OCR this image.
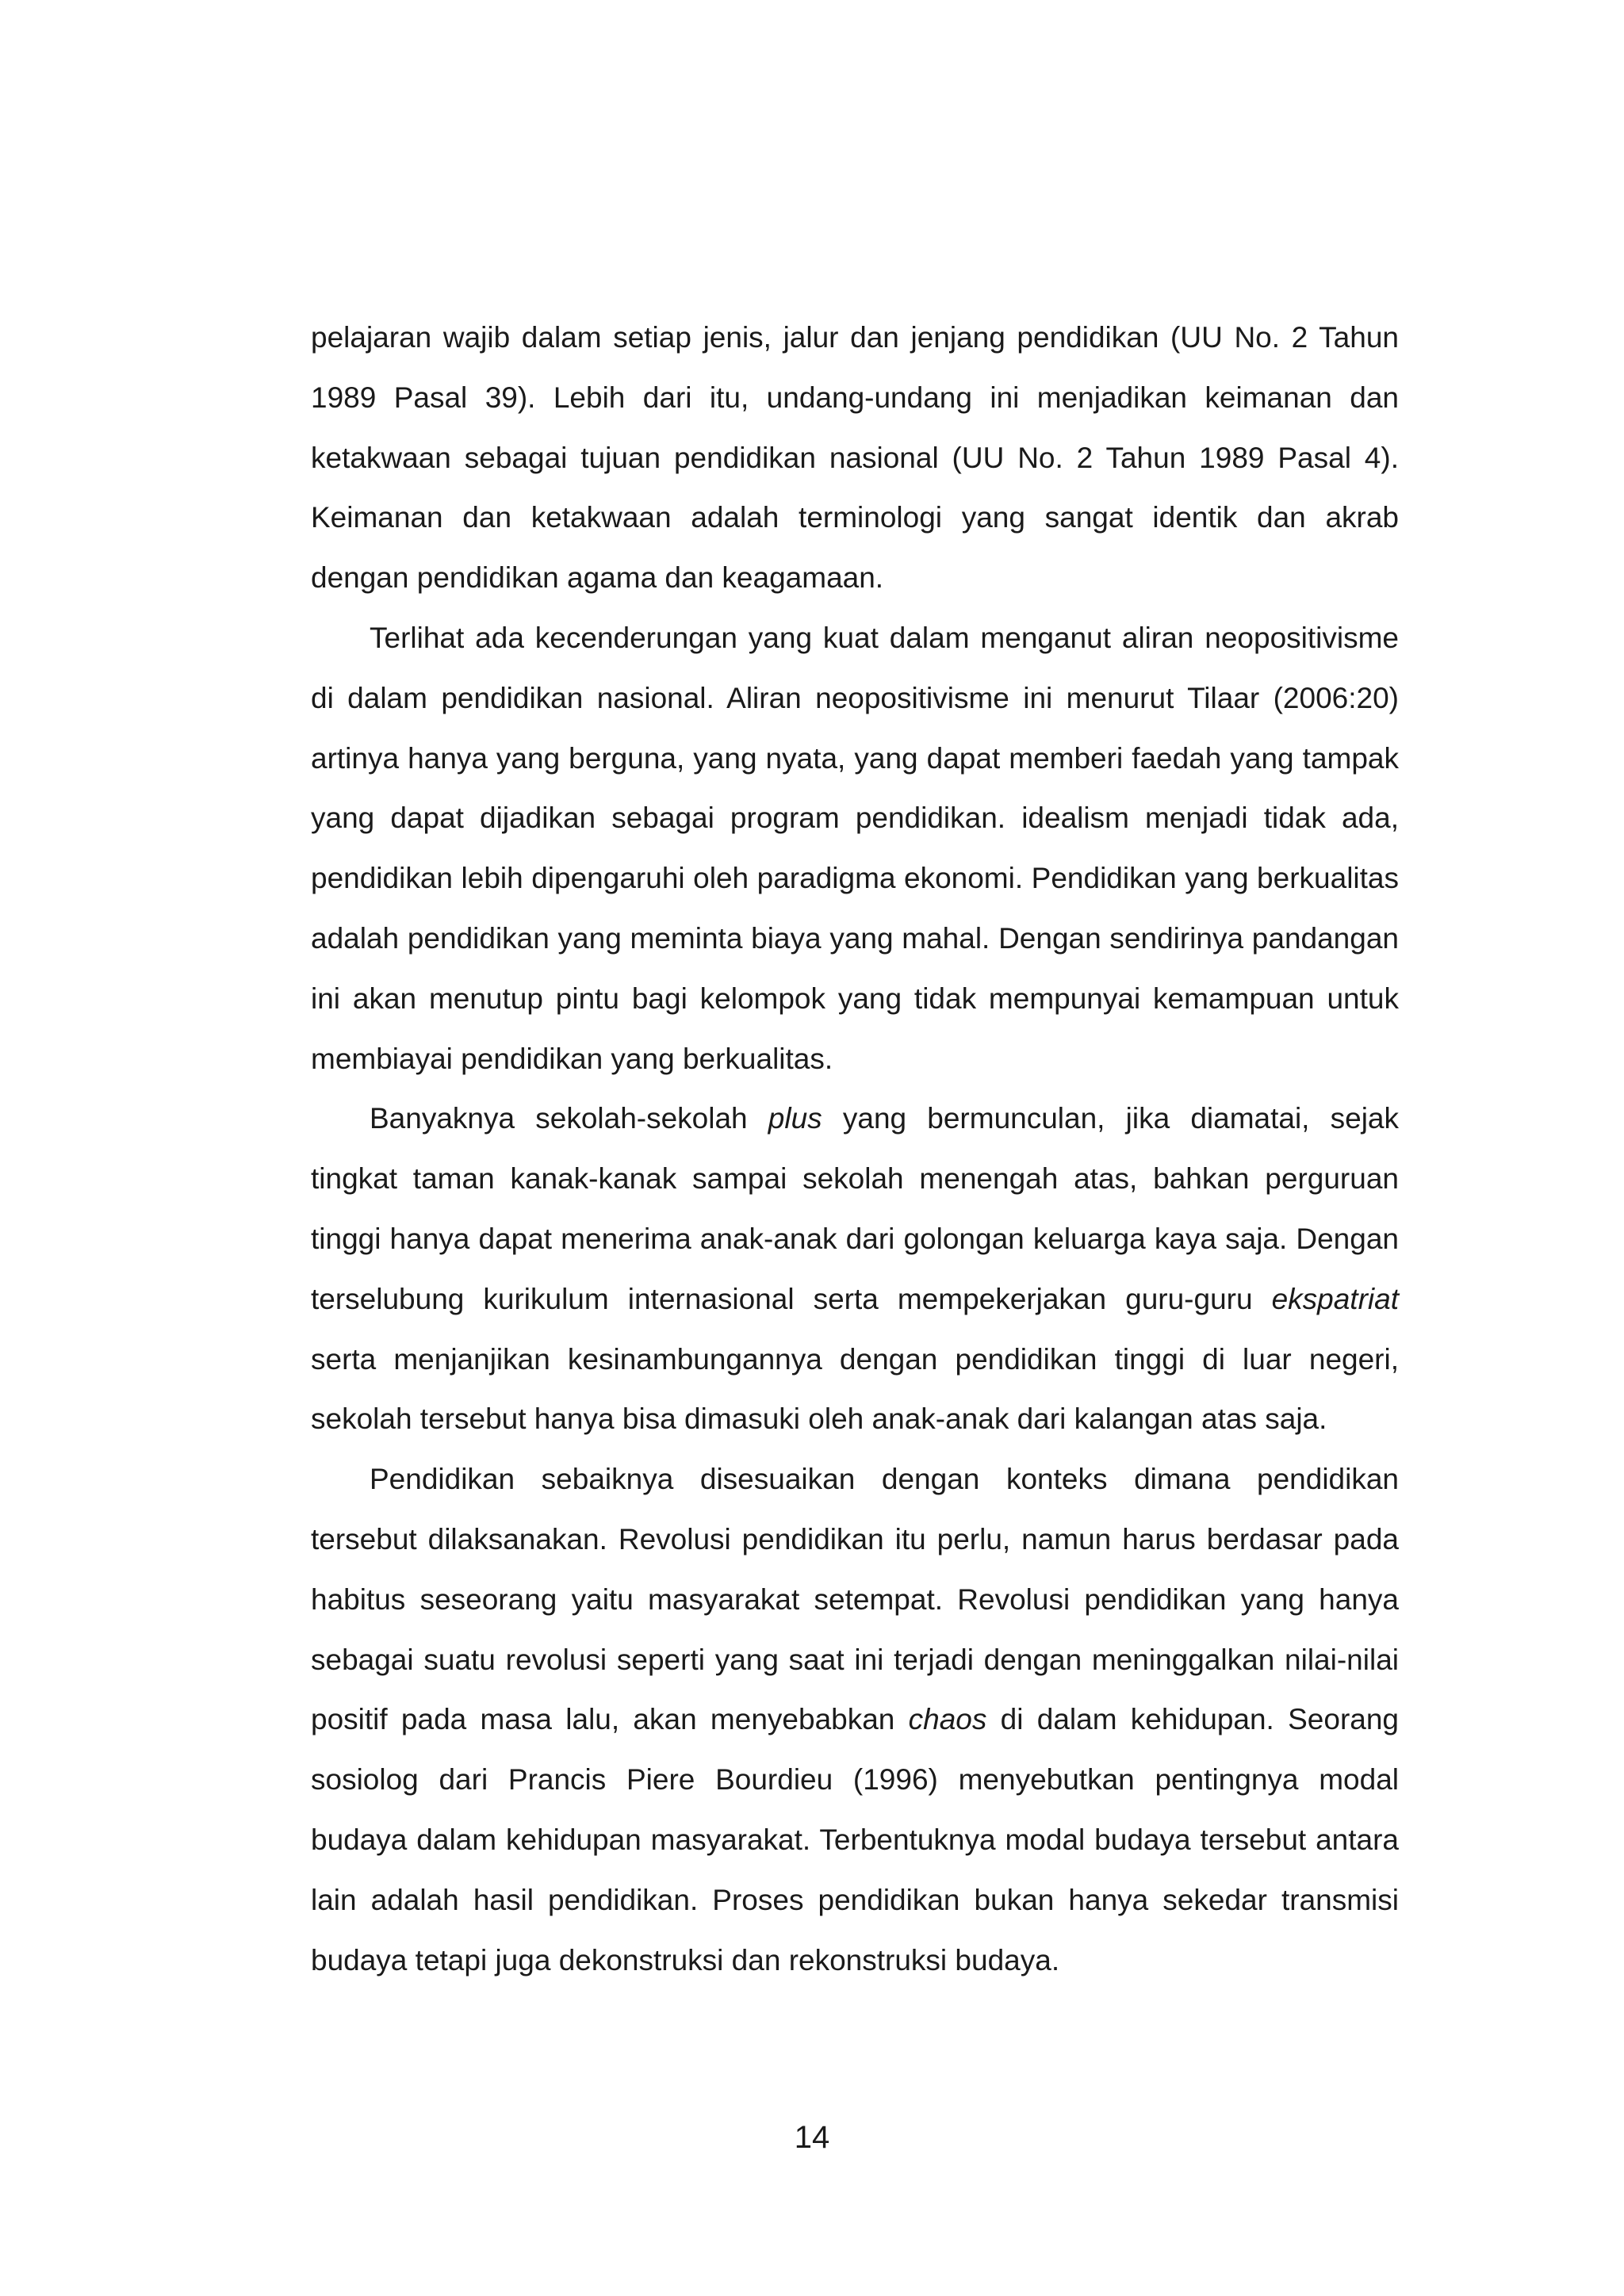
pelajaran wajib dalam setiap jenis, jalur dan jenjang pendidikan (UU No. 2 Tahun 1989 Pasal 39). Lebih dari itu, undang-undang ini menjadikan keimanan dan ketakwaan sebagai tujuan pendidikan nasional (UU No. 2 Tahun 1989 Pasal 4). Keimanan dan ketakwaan adalah terminologi yang sangat identik dan akrab dengan pendidikan agama dan keagamaan.

Terlihat ada kecenderungan yang kuat dalam menganut aliran neopositivisme di dalam pendidikan nasional. Aliran neopositivisme ini menurut Tilaar (2006:20) artinya hanya yang berguna, yang nyata, yang dapat memberi faedah yang tampak yang dapat dijadikan sebagai program pendidikan. idealism menjadi tidak ada, pendidikan lebih dipengaruhi oleh paradigma ekonomi. Pendidikan yang berkualitas adalah pendidikan yang meminta biaya yang mahal. Dengan sendirinya pandangan ini akan menutup pintu bagi kelompok yang tidak mempunyai kemampuan untuk membiayai pendidikan yang berkualitas.

Banyaknya sekolah-sekolah plus yang bermunculan, jika diamatai, sejak tingkat taman kanak-kanak sampai sekolah menengah atas, bahkan perguruan tinggi hanya dapat menerima anak-anak dari golongan keluarga kaya saja. Dengan terselubung kurikulum internasional serta mempekerjakan guru-guru ekspatriat serta menjanjikan kesinambungannya dengan pendidikan tinggi di luar negeri, sekolah tersebut hanya bisa dimasuki oleh anak-anak dari kalangan atas saja.

Pendidikan sebaiknya disesuaikan dengan konteks dimana pendidikan tersebut dilaksanakan. Revolusi pendidikan itu perlu, namun harus berdasar pada habitus seseorang yaitu masyarakat setempat. Revolusi pendidikan yang hanya sebagai suatu revolusi seperti yang saat ini terjadi dengan meninggalkan nilai-nilai positif pada masa lalu, akan menyebabkan chaos di dalam kehidupan. Seorang sosiolog dari Prancis Piere Bourdieu (1996) menyebutkan pentingnya modal budaya dalam kehidupan masyarakat. Terbentuknya modal budaya tersebut antara lain adalah hasil pendidikan. Proses pendidikan bukan hanya sekedar transmisi budaya tetapi juga dekonstruksi dan rekonstruksi budaya.

14
